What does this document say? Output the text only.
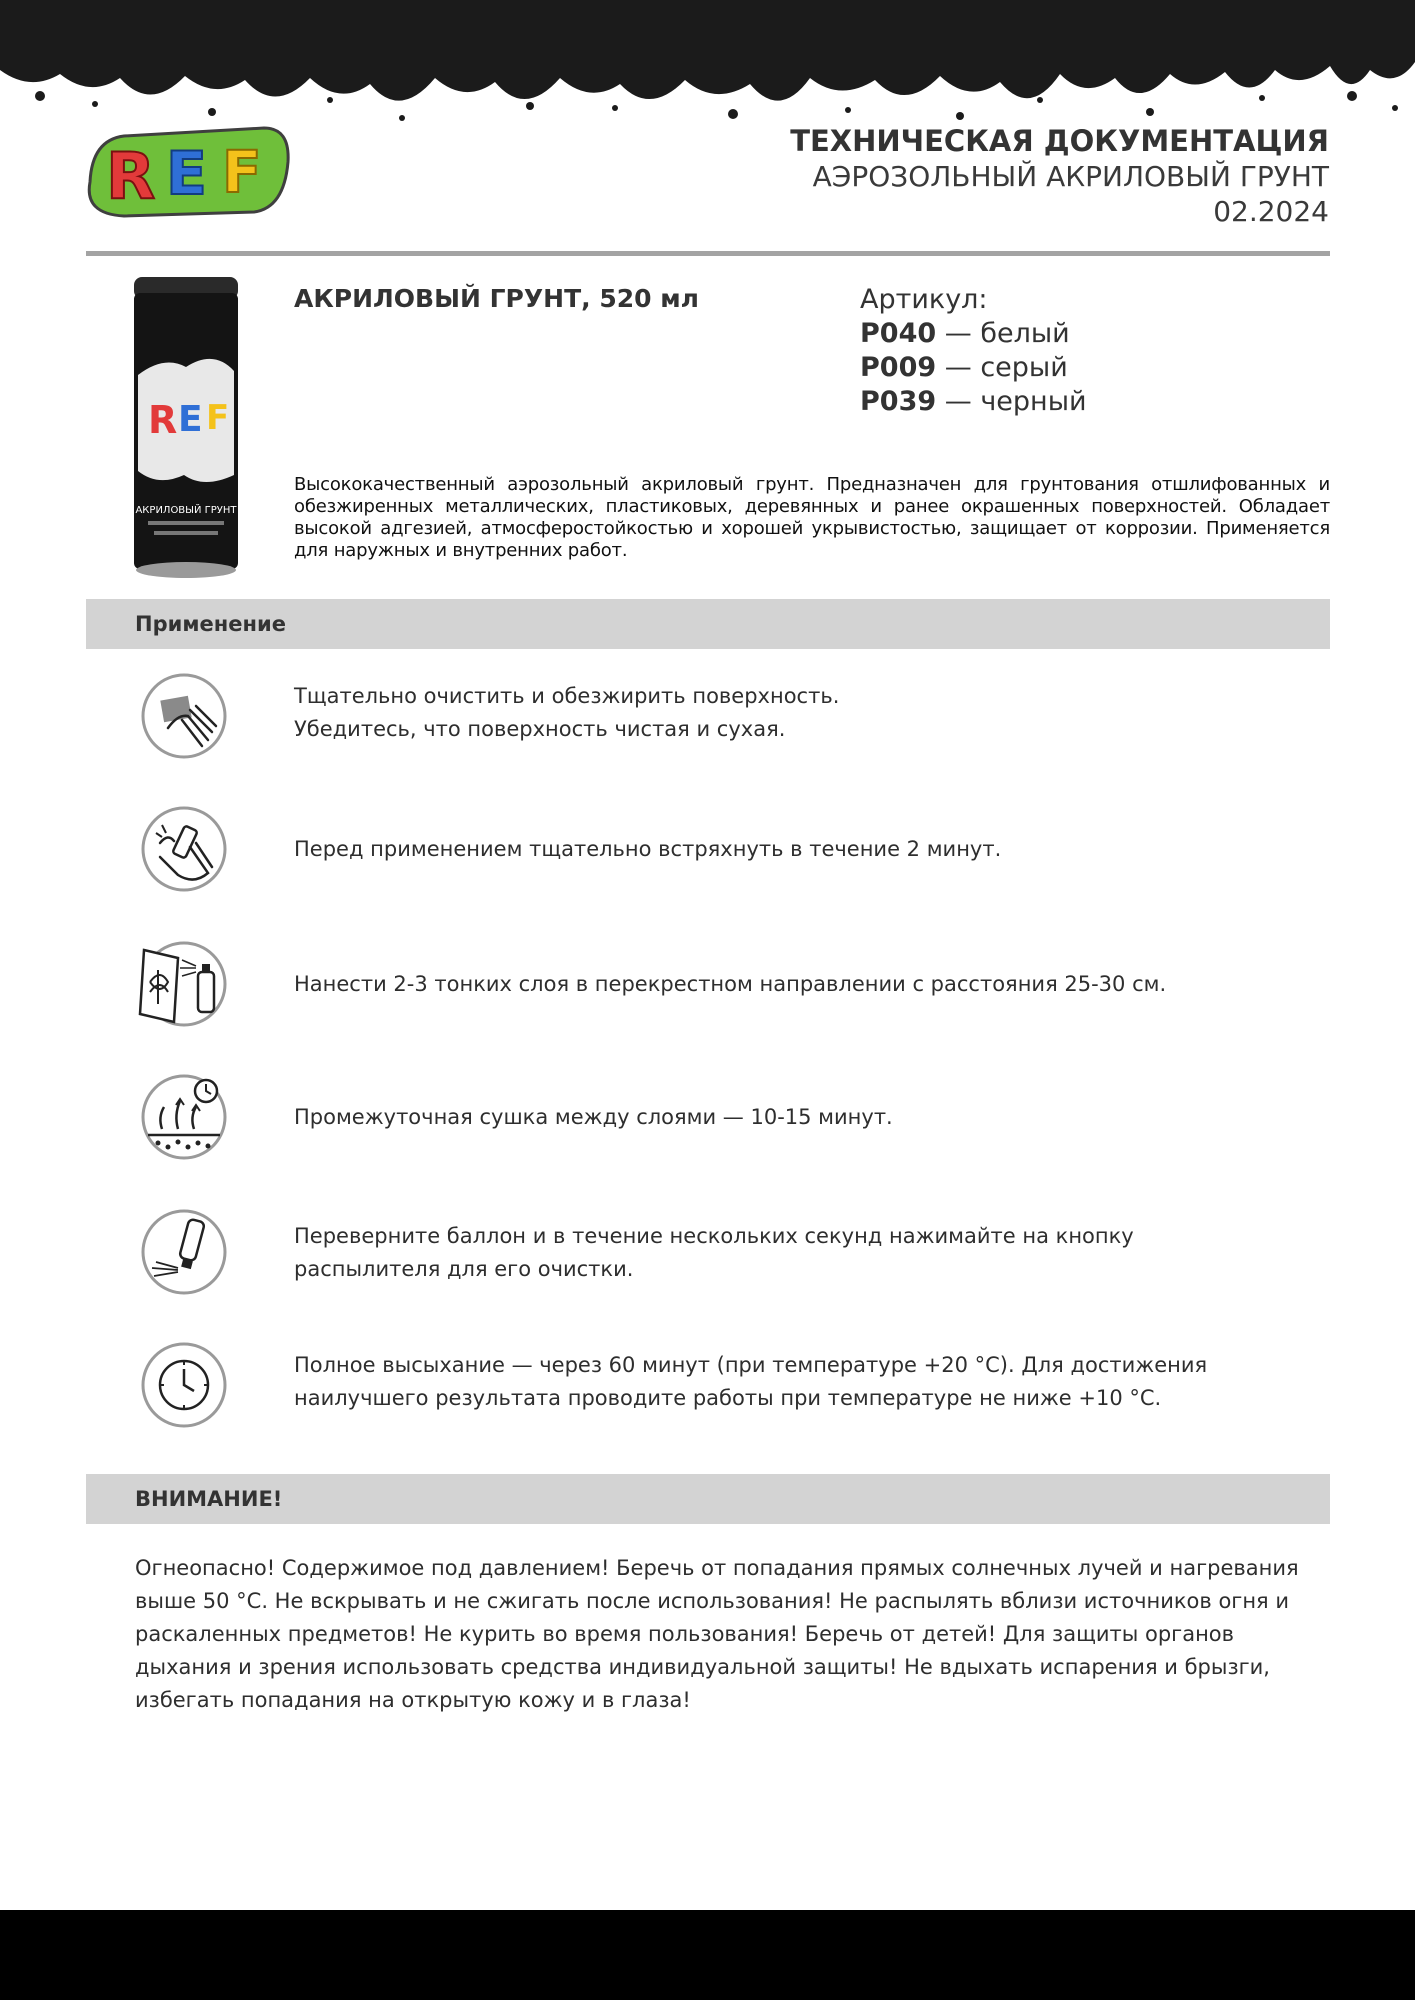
R E F	ТЕХНИЧЕСКАЯ ДОКУМЕНТАЦИЯ
АЭРОЗОЛЬНЫЙ АКРИЛОВЫЙ ГРУНТ
02.2024
R E F
АКРИЛОВЫЙ ГРУНТ
АКРИЛОВЫЙ ГРУНТ, 520 мл	Артикул:
P040 — белый
P009 — серый
P039 — черный
Высококачественный аэрозольный акриловый грунт. Предназначен для грунтования отшлифованных и обезжиренных металлических, пластиковых, деревянных и ранее окрашенных поверхностей. Обладает высокой адгезией, атмосферостойкостью и хорошей укрывистостью, защищает от коррозии. Применяется для наружных и внутренних работ.
Применение
Тщательно очистить и обезжирить поверхность.
Убедитесь, что поверхность чистая и сухая.
Перед применением тщательно встряхнуть в течение 2 минут.
Нанести 2-3 тонких слоя в перекрестном направлении с расстояния 25-30 см.
Промежуточная сушка между слоями — 10-15 минут.
Переверните баллон и в течение нескольких секунд нажимайте на кнопку
распылителя для его очистки.
Полное высыхание — через 60 минут (при температуре +20 °С). Для достижения
наилучшего результата проводите работы при температуре не ниже +10 °С.
ВНИМАНИЕ!
Огнеопасно! Содержимое под давлением! Беречь от попадания прямых солнечных лучей и нагревания выше 50 °С. Не вскрывать и не сжигать после использования! Не распылять вблизи источников огня и раскаленных предметов! Не курить во время пользования! Беречь от детей! Для защиты органов дыхания и зрения использовать средства индивидуальной защиты! Не вдыхать испарения и брызги, избегать попадания на открытую кожу и в глаза!
